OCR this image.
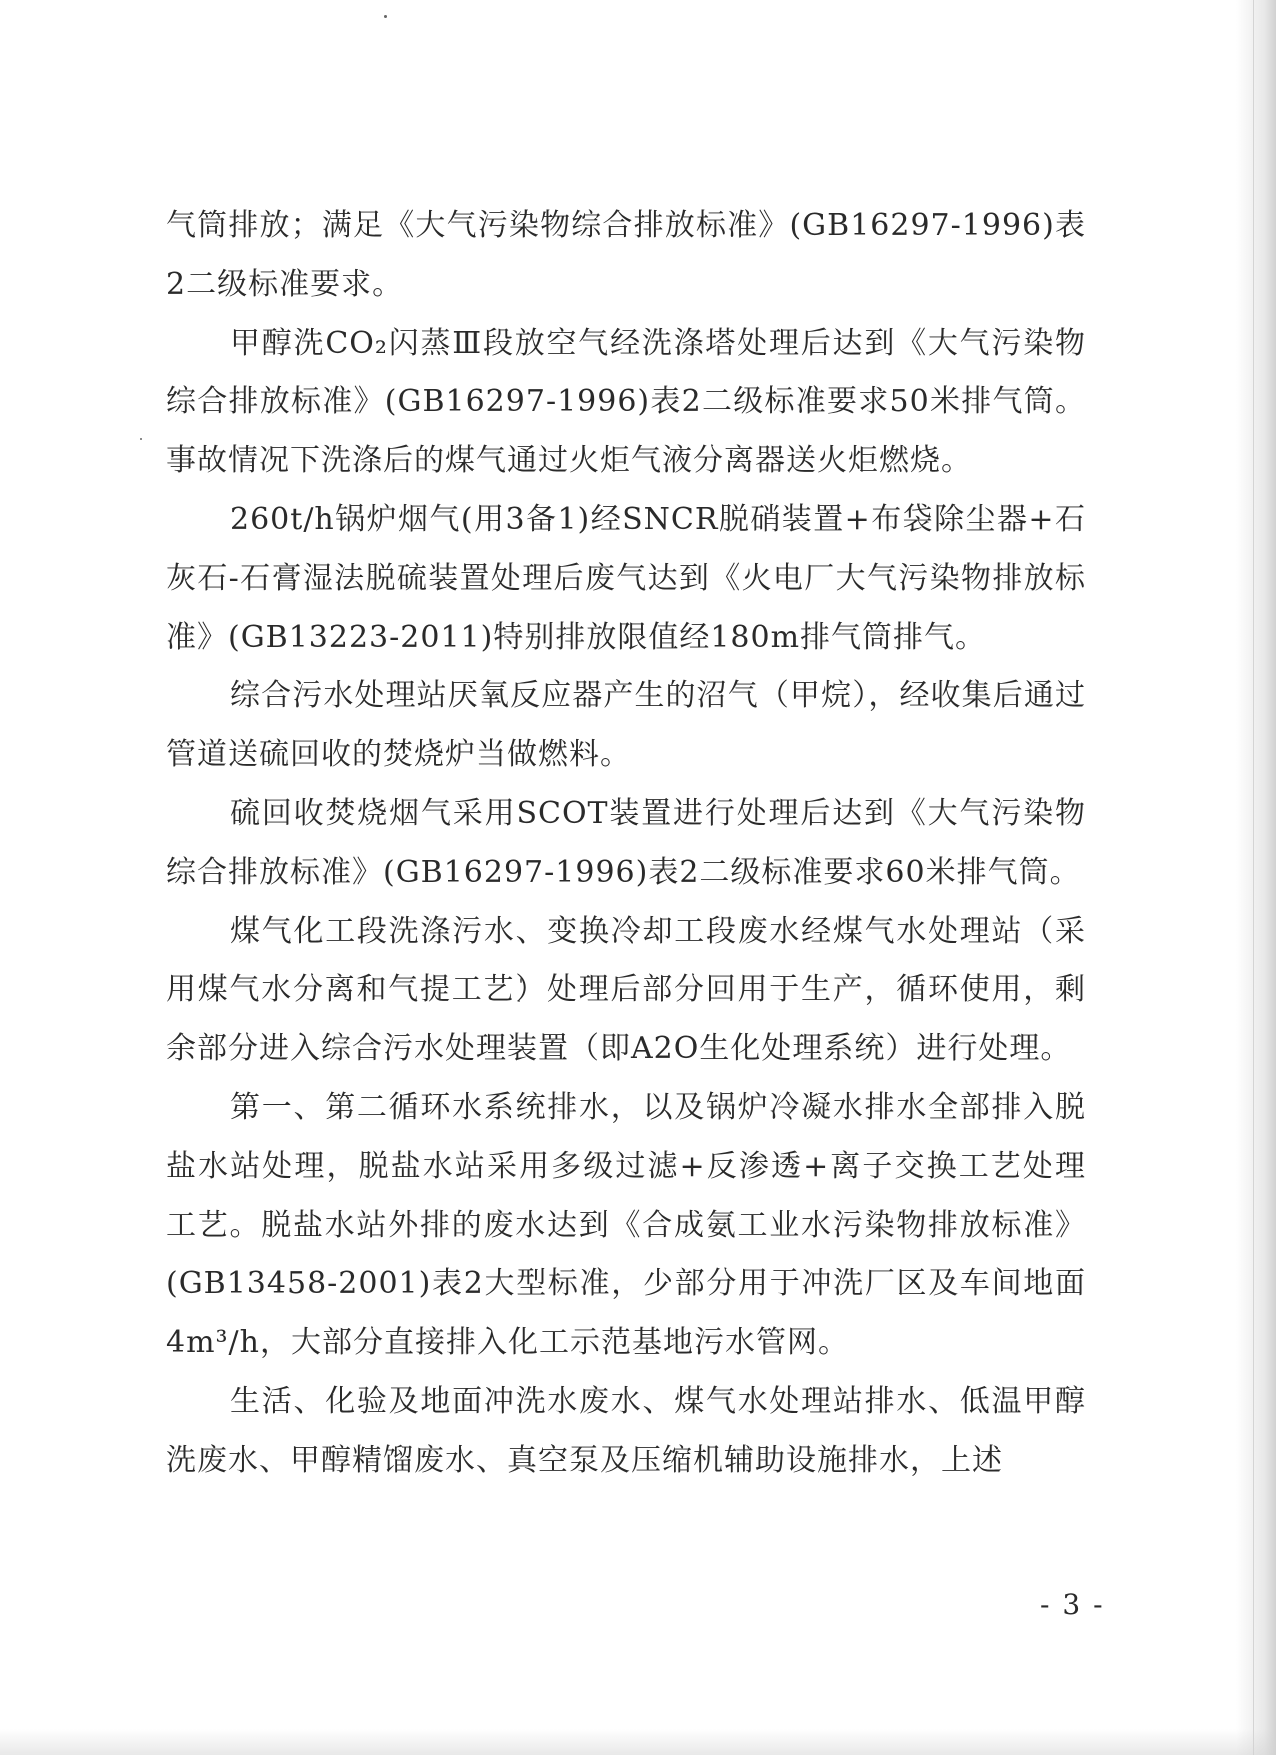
气筒排放；满足《大气污染物综合排放标准》(GB16297-1996)表2二级标准要求。

甲醇洗CO₂闪蒸Ⅲ段放空气经洗涤塔处理后达到《大气污染物综合排放标准》(GB16297-1996)表2二级标准要求50米排气筒。事故情况下洗涤后的煤气通过火炬气液分离器送火炬燃烧。

260t/h锅炉烟气(用3备1)经SNCR脱硝装置+布袋除尘器+石灰石-石膏湿法脱硫装置处理后废气达到《火电厂大气污染物排放标准》(GB13223-2011)特别排放限值经180m排气筒排气。

综合污水处理站厌氧反应器产生的沼气（甲烷），经收集后通过管道送硫回收的焚烧炉当做燃料。

硫回收焚烧烟气采用SCOT装置进行处理后达到《大气污染物综合排放标准》(GB16297-1996)表2二级标准要求60米排气筒。

煤气化工段洗涤污水、变换冷却工段废水经煤气水处理站（采用煤气水分离和气提工艺）处理后部分回用于生产，循环使用，剩余部分进入综合污水处理装置（即A2O生化处理系统）进行处理。

第一、第二循环水系统排水，以及锅炉冷凝水排水全部排入脱盐水站处理，脱盐水站采用多级过滤+反渗透+离子交换工艺处理工艺。脱盐水站外排的废水达到《合成氨工业水污染物排放标准》(GB13458-2001)表2大型标准，少部分用于冲洗厂区及车间地面4m³/h，大部分直接排入化工示范基地污水管网。

生活、化验及地面冲洗水废水、煤气水处理站排水、低温甲醇洗废水、甲醇精馏废水、真空泵及压缩机辅助设施排水，上述

- 3 -
